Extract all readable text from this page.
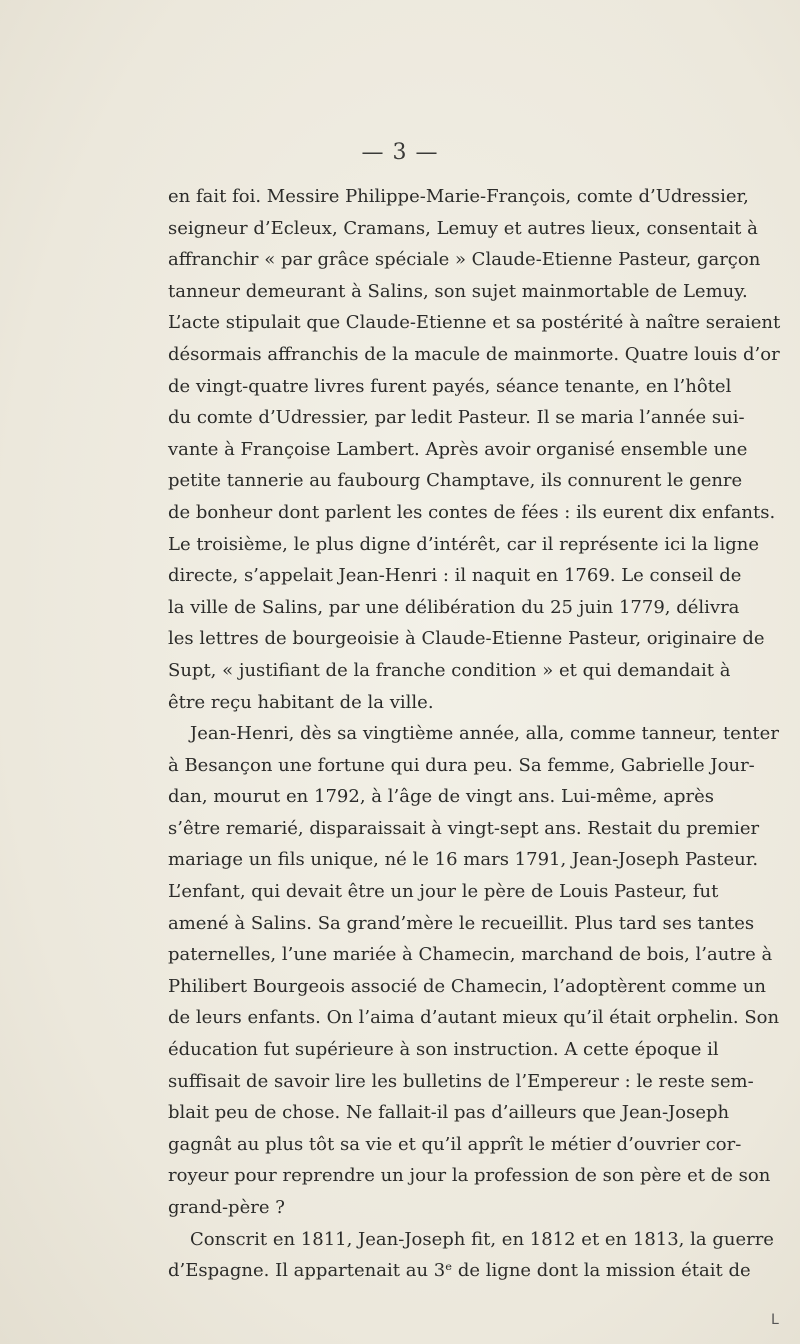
— 3 —
en fait foi. Messire Philippe-Marie-François, comte d’Udressier,
seigneur d’Ecleux, Cramans, Lemuy et autres lieux, consentait à
affranchir « par grâce spéciale » Claude-Etienne Pasteur, garçon
tanneur demeurant à Salins, son sujet mainmortable de Lemuy.
L’acte stipulait que Claude-Etienne et sa postérité à naître seraient
désormais affranchis de la macule de mainmorte. Quatre louis d’or
de vingt-quatre livres furent payés, séance tenante, en l’hôtel
du comte d’Udressier, par ledit Pasteur. Il se maria l’année sui-
vante à Françoise Lambert. Après avoir organisé ensemble une
petite tannerie au faubourg Champtave, ils connurent le genre
de bonheur dont parlent les contes de fées : ils eurent dix enfants.
Le troisième, le plus digne d’intérêt, car il représente ici la ligne
directe, s’appelait Jean-Henri : il naquit en 1769. Le conseil de
la ville de Salins, par une délibération du 25 juin 1779, délivra
les lettres de bourgeoisie à Claude-Etienne Pasteur, originaire de
Supt, « justifiant de la franche condition » et qui demandait à
être reçu habitant de la ville.
Jean-Henri, dès sa vingtième année, alla, comme tanneur, tenter
à Besançon une fortune qui dura peu. Sa femme, Gabrielle Jour-
dan, mourut en 1792, à l’âge de vingt ans. Lui-même, après
s’être remarié, disparaissait à vingt-sept ans. Restait du premier
mariage un fils unique, né le 16 mars 1791, Jean-Joseph Pasteur.
L’enfant, qui devait être un jour le père de Louis Pasteur, fut
amené à Salins. Sa grand’mère le recueillit. Plus tard ses tantes
paternelles, l’une mariée à Chamecin, marchand de bois, l’autre à
Philibert Bourgeois associé de Chamecin, l’adoptèrent comme un
de leurs enfants. On l’aima d’autant mieux qu’il était orphelin. Son
éducation fut supérieure à son instruction. A cette époque il
suffisait de savoir lire les bulletins de l’Empereur : le reste sem-
blait peu de chose. Ne fallait-il pas d’ailleurs que Jean-Joseph
gagnât au plus tôt sa vie et qu’il apprît le métier d’ouvrier cor-
royeur pour reprendre un jour la profession de son père et de son
grand-père ?
Conscrit en 1811, Jean-Joseph fit, en 1812 et en 1813, la guerre
d’Espagne. Il appartenait au 3ᵉ de ligne dont la mission était de
L
